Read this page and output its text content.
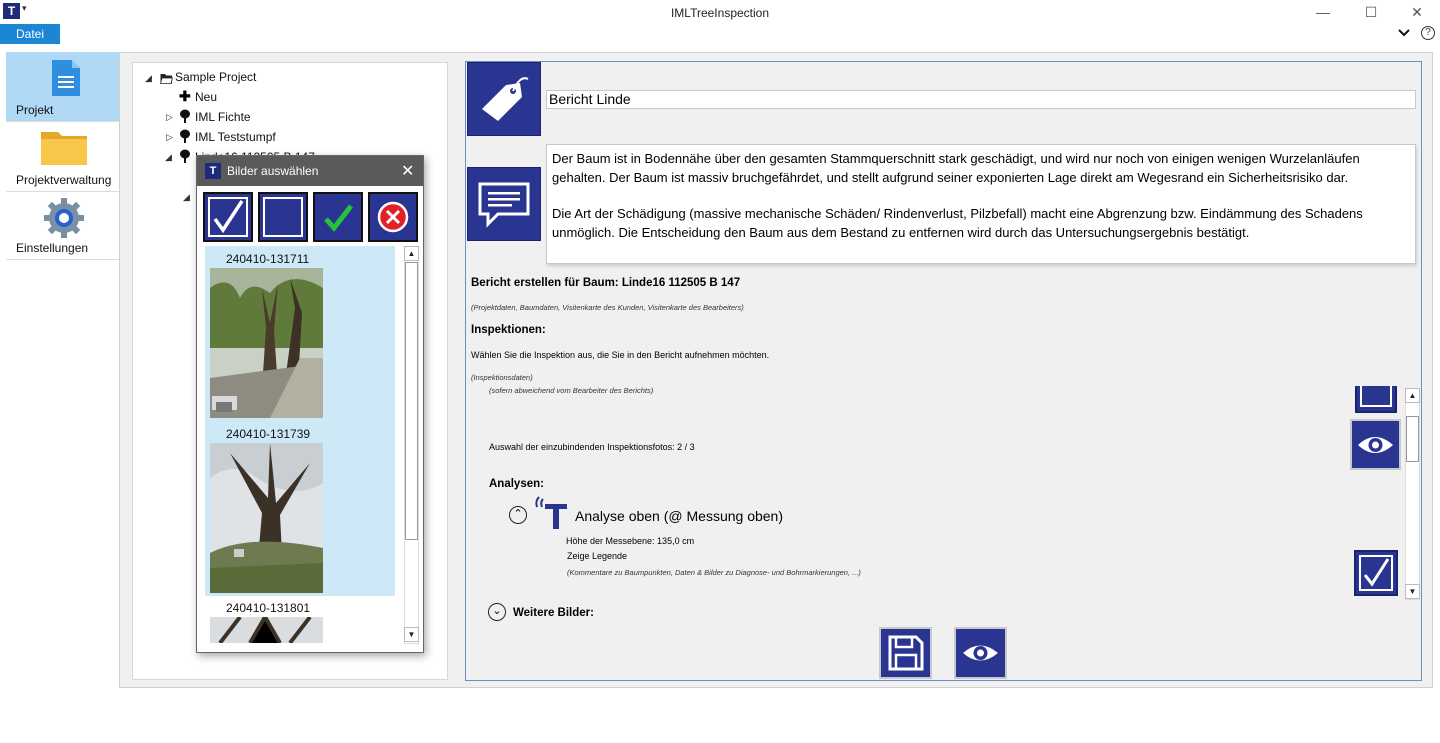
T ▾	IMLTreeInspection	—	☐	✕
Datei	?
Projekt
Projektverwaltung
Einstellungen
◢ Sample Project
✚ Neu
▷ IML Fichte
▷ IML Teststumpf
◢
◢
Bericht Linde
Der Baum ist in Bodennähe über den gesamten Stammquerschnitt stark geschädigt, und wird nur noch von einigen wenigen Wurzelanläufen gehalten. Der Baum ist massiv bruchgefährdet, und stellt aufgrund seiner exponierten Lage direkt am Wegesrand ein Sicherheitsrisiko dar.
Die Art der Schädigung (massive mechanische Schäden/ Rindenverlust, Pilzbefall) macht eine Abgrenzung bzw. Eindämmung des Schadens unmöglich. Die Entscheidung den Baum aus dem Bestand zu entfernen wird durch das Untersuchungsergebnis bestätigt.
Bericht erstellen für Baum: Linde16 112505 B 147
(Projektdaten, Baumdaten, Visitenkarte des Kunden, Visitenkarte des Bearbeiters)
Inspektionen:
Wählen Sie die Inspektion aus, die Sie in den Bericht aufnehmen möchten.
(Inspektionsdaten)
(sofern abweichend vom Bearbeiter des Berichts)
Auswahl der einzubindenden Inspektionsfotos: 2 / 3
Analysen:
⌃	Analyse oben (@ Messung oben)
Höhe der Messebene: 135,0 cm
Zeige Legende
(Kommentare zu Baumpunkten, Daten & Bilder zu Diagnose- und Bohrmarkierungen, ...)
⌄ Weitere Bilder:
▲
▼
T Bilder auswählen	✕
240410-131711
240410-131739
240410-131801
▲
▼
